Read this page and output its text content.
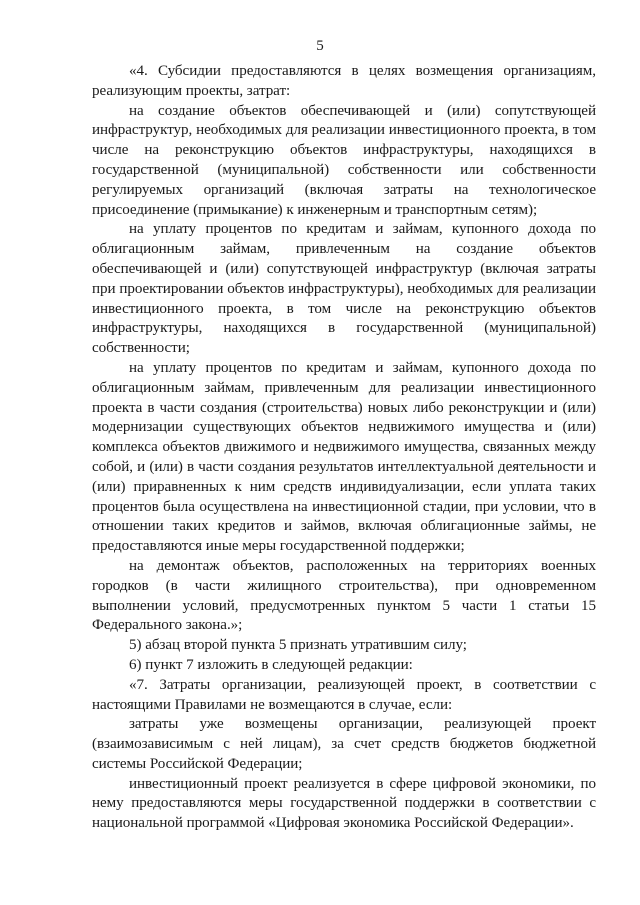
5

«4. Субсидии предоставляются в целях возмещения организациям, реализующим проекты, затрат:

на создание объектов обеспечивающей и (или) сопутствующей инфраструктур, необходимых для реализации инвестиционного проекта, в том числе на реконструкцию объектов инфраструктуры, находящихся в государственной (муниципальной) собственности или собственности регулируемых организаций (включая затраты на технологическое присоединение (примыкание) к инженерным и транспортным сетям);

на уплату процентов по кредитам и займам, купонного дохода по облигационным займам, привлеченным на создание объектов обеспечивающей и (или) сопутствующей инфраструктур (включая затраты при проектировании объектов инфраструктуры), необходимых для реализации инвестиционного проекта, в том числе на реконструкцию объектов инфраструктуры, находящихся в государственной (муниципальной) собственности;

на уплату процентов по кредитам и займам, купонного дохода по облигационным займам, привлеченным для реализации инвестиционного проекта в части создания (строительства) новых либо реконструкции и (или) модернизации существующих объектов недвижимого имущества и (или) комплекса объектов движимого и недвижимого имущества, связанных между собой, и (или) в части создания результатов интеллектуальной деятельности и (или) приравненных к ним средств индивидуализации, если уплата таких процентов была осуществлена на инвестиционной стадии, при условии, что в отношении таких кредитов и займов, включая облигационные займы, не предоставляются иные меры государственной поддержки;

на демонтаж объектов, расположенных на территориях военных городков (в части жилищного строительства), при одновременном выполнении условий, предусмотренных пунктом 5 части 1 статьи 15 Федерального закона.»;

5) абзац второй пункта 5 признать утратившим силу;

6) пункт 7 изложить в следующей редакции:

«7. Затраты организации, реализующей проект, в соответствии с настоящими Правилами не возмещаются в случае, если:

затраты уже возмещены организации, реализующей проект (взаимозависимым с ней лицам), за счет средств бюджетов бюджетной системы Российской Федерации;

инвестиционный проект реализуется в сфере цифровой экономики, по нему предоставляются меры государственной поддержки в соответствии с национальной программой «Цифровая экономика Российской Федерации».
